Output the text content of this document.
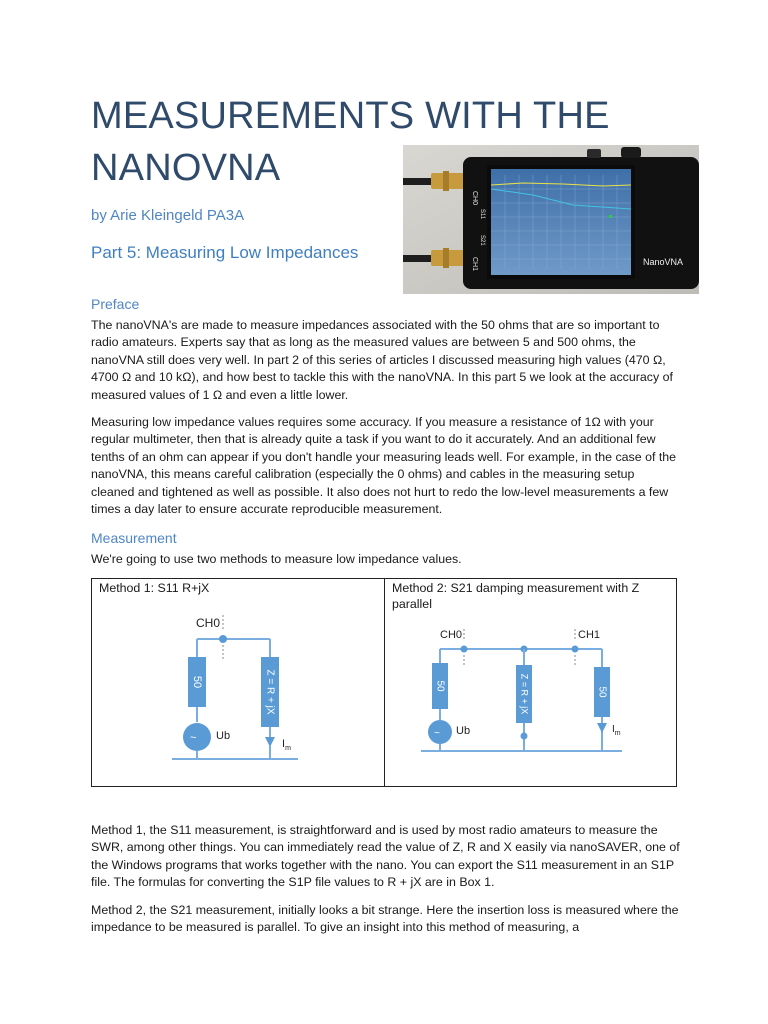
MEASUREMENTS WITH THE NANOVNA
by Arie Kleingeld PA3A
Part 5: Measuring Low Impedances
CH0
CH1
S11
S21
NanoVNA
Preface
The nanoVNA's are made to measure impedances associated with the 50 ohms that are so important to radio amateurs. Experts say that as long as the measured values are between 5 and 500 ohms, the nanoVNA still does very well. In part 2 of this series of articles I discussed measuring high values (470 Ω, 4700 Ω and 10 kΩ), and how best to tackle this with the nanoVNA. In this part 5 we look at the accuracy of measured values of 1 Ω and even a little lower.
Measuring low impedance values requires some accuracy. If you measure a resistance of 1Ω with your regular multimeter, then that is already quite a task if you want to do it accurately. And an additional few tenths of an ohm can appear if you don't handle your measuring leads well. For example, in the case of the nanoVNA, this means careful calibration (especially the 0 ohms) and cables in the measuring setup cleaned and tightened as well as possible. It also does not hurt to redo the low-level measurements a few times a day later to ensure accurate reproducible measurement.
Measurement
We're going to use two methods to measure low impedance values.
Method 1: S11 R+jX
CH0
50
~ Ub
Z = R + jX
$I_m$
Method 2: S21 damping measurement with Z parallel
CH0	CH1
50
~ Ub
Z = R + jX	50
$I_m$
Method 1, the S11 measurement, is straightforward and is used by most radio amateurs to measure the SWR, among other things. You can immediately read the value of Z, R and X easily via nanoSAVER, one of the Windows programs that works together with the nano. You can export the S11 measurement in an S1P file. The formulas for converting the S1P file values to R + jX are in Box 1.
Method 2, the S21 measurement, initially looks a bit strange. Here the insertion loss is measured where the impedance to be measured is parallel. To give an insight into this method of measuring, a
